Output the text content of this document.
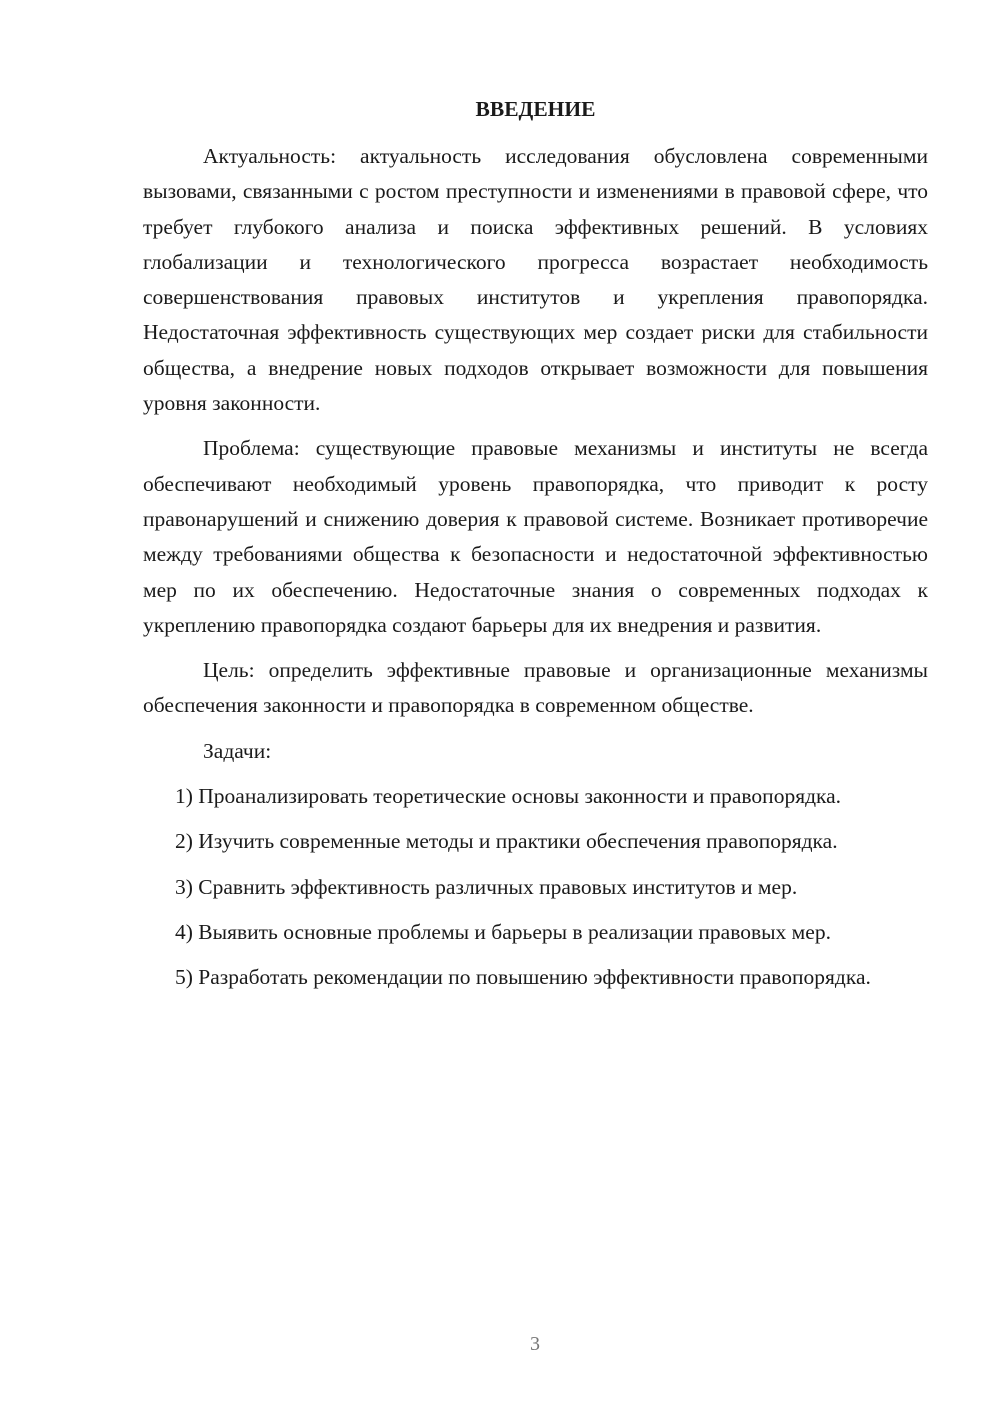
ВВЕДЕНИЕ

Актуальность: актуальность исследования обусловлена современными вызовами, связанными с ростом преступности и изменениями в правовой сфере, что требует глубокого анализа и поиска эффективных решений. В условиях глобализации и технологического прогресса возрастает необходимость совершенствования правовых институтов и укрепления правопорядка. Недостаточная эффективность существующих мер создает риски для стабильности общества, а внедрение новых подходов открывает возможности для повышения уровня законности.

Проблема: существующие правовые механизмы и институты не всегда обеспечивают необходимый уровень правопорядка, что приводит к росту правонарушений и снижению доверия к правовой системе. Возникает противоречие между требованиями общества к безопасности и недостаточной эффективностью мер по их обеспечению. Недостаточные знания о современных подходах к укреплению правопорядка создают барьеры для их внедрения и развития.

Цель: определить эффективные правовые и организационные механизмы обеспечения законности и правопорядка в современном обществе.

Задачи:

1) Проанализировать теоретические основы законности и правопорядка.

2) Изучить современные методы и практики обеспечения правопорядка.

3) Сравнить эффективность различных правовых институтов и мер.

4) Выявить основные проблемы и барьеры в реализации правовых мер.

5) Разработать рекомендации по повышению эффективности правопорядка.

3
